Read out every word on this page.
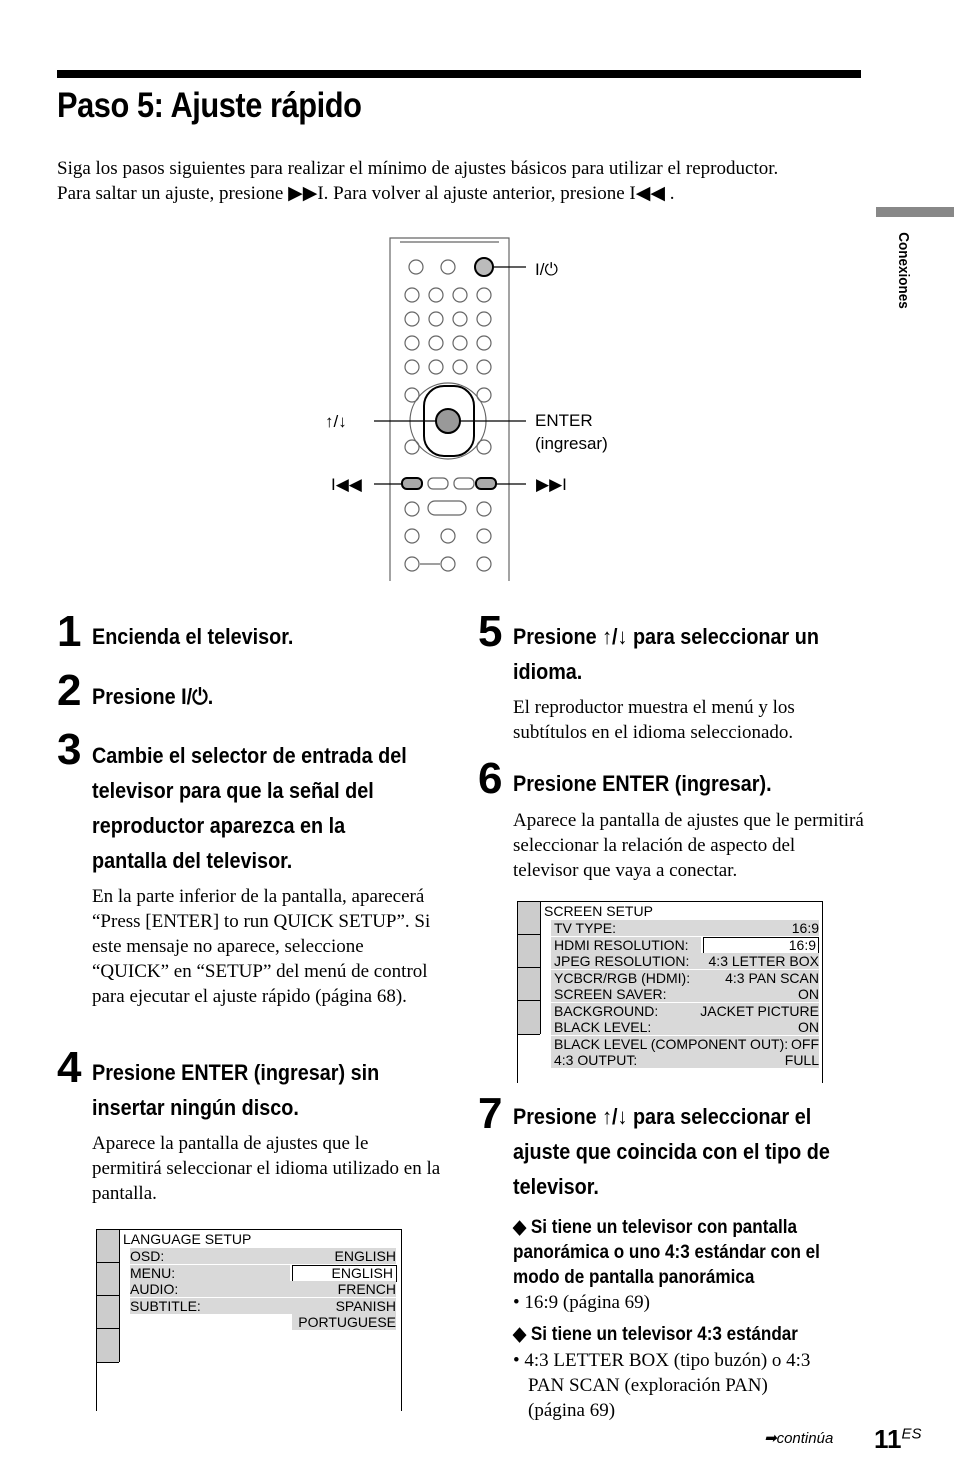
Paso 5: Ajuste rápido
Siga los pasos siguientes para realizar el mínimo de ajustes básicos para utilizar el reproductor.
Para saltar un ajuste, presione ▶▶I. Para volver al ajuste anterior, presione I◀◀ .
Conexiones
I/⏻
↑/↓	ENTER
(ingresar)
I◀◀	▶▶I
1 Encienda el televisor.
2 Presione I/⏻.
3 Cambie el selector de entrada del
televisor para que la señal del
reproductor aparezca en la
pantalla del televisor.
En la parte inferior de la pantalla, aparecerá “Press [ENTER] to run QUICK SETUP”. Si este mensaje no aparece, seleccione “QUICK” en “SETUP” del menú de control para ejecutar el ajuste rápido (página 68).
4 Presione ENTER (ingresar) sin
insertar ningún disco.
Aparece la pantalla de ajustes que le permitirá seleccionar el idioma utilizado en la pantalla.
LANGUAGE SETUP
OSD:	ENGLISH
MENU:	ENGLISH
AUDIO:	FRENCH
SUBTITLE:	SPANISH
PORTUGUESE
5 Presione ↑/↓ para seleccionar un
idioma.
El reproductor muestra el menú y los subtítulos en el idioma seleccionado.
6 Presione ENTER (ingresar).
Aparece la pantalla de ajustes que le permitirá seleccionar la relación de aspecto del televisor que vaya a conectar.
SCREEN SETUP
TV TYPE:	16:9
HDMI RESOLUTION:	16:9
JPEG RESOLUTION: 4:3 LETTER BOX
YCBCR/RGB (HDMI): 4:3 PAN SCAN
SCREEN SAVER:	ON
BACKGROUND:	JACKET PICTURE
BLACK LEVEL:	ON
BLACK LEVEL (COMPONENT OUT): OFF
4:3 OUTPUT:	FULL
7 Presione ↑/↓ para seleccionar el
ajuste que coincida con el tipo de
televisor.
◆ Si tiene un televisor con pantalla
panorámica o uno 4:3 estándar con el
modo de pantalla panorámica
• 16:9 (página 69)
◆ Si tiene un televisor 4:3 estándar
• 4:3 LETTER BOX (tipo buzón) o 4:3
PAN SCAN (exploración PAN)
(página 69)
➡continúa $11^{ES}$
